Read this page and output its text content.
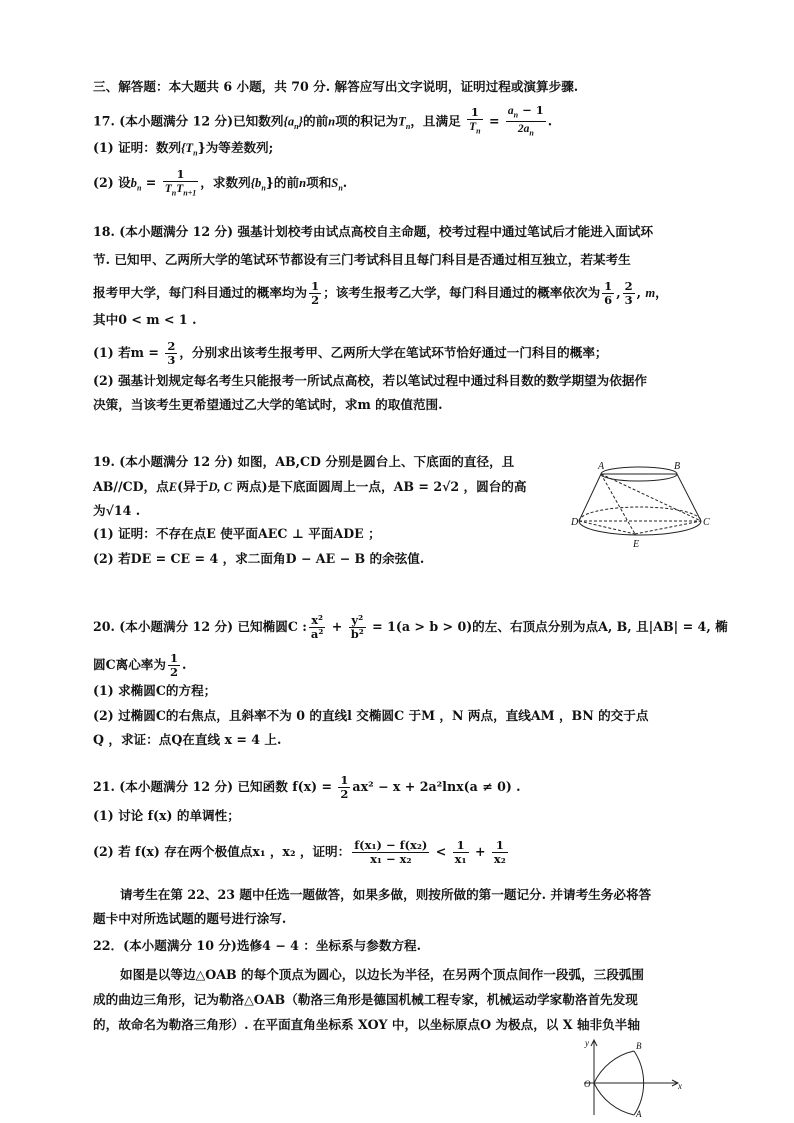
三、解答题：本大题共 6 小题，共 70 分. 解答应写出文字说明，证明过程或演算步骤.
17. (本小题满分 12 分)已知数列$\{a_n\}$的前n项的积记为$T_n$，且满足 $\frac{1}{T_n} = \frac{a_n - 1}{2a_n}$ .
(1) 证明：数列$\{T_n\}$为等差数列;
(2) 设$b_n = \frac{1}{T_nT_{n+1}}$ ，求数列$\{b_n\}$的前n项和$S_n$.
18. (本小题满分 12 分) 强基计划校考由试点高校自主命题，校考过程中通过笔试后才能进入面试环
节. 已知甲、乙两所大学的笔试环节都设有三门考试科目且每门科目是否通过相互独立，若某考生
报考甲大学，每门科目通过的概率均为 $\frac{1}{2}$ ；该考生报考乙大学，每门科目通过的概率依次为 $\frac{1}{6}$ , $\frac{2}{3}$ , m，
其中0 < m < 1 .
(1) 若$m = \frac{2}{3}$ ，分别求出该考生报考甲、乙两所大学在笔试环节恰好通过一门科目的概率；
(2) 强基计划规定每名考生只能报考一所试点高校，若以笔试过程中通过科目数的数学期望为依据作
决策，当该考生更希望通过乙大学的笔试时，求m 的取值范围.
19. (本小题满分 12 分) 如图，AB,CD 分别是圆台上、下底面的直径，且
AB//CD，点E(异于D, C 两点)是下底面圆周上一点，AB = 2√2 ，圆台的高
为√14 .
(1) 证明：不存在点E 使平面AEC ⊥ 平面ADE ；
(2) 若DE = CE = 4 ，求二面角D − AE − B 的余弦值.
A	B
D	C
E
20. (本小题满分 12 分) 已知椭圆C : $\frac{\text{x²}}{\text{a²}} + \frac{\text{y²}}{\text{b²}} = 1(a > b > 0)$的左、右顶点分别为点A, B, 且|AB| = 4, 椭
圆C离心率为 $\frac{1}{2}$ .
(1) 求椭圆C的方程；
(2) 过椭圆C的右焦点，且斜率不为 0 的直线l 交椭圆C 于M ，N 两点，直线AM ，BN 的交于点
Q ，求证：点Q在直线 x = 4 上.
21. (本小题满分 12 分) 已知函数 $f(x) = \frac{1}{2} ax^2 - x + 2a^2\ln x(a \ne 0)$ .
(1) 讨论 f(x) 的单调性；
(2) 若 f(x) 存在两个极值点x₁ ，x₂ ，证明： $\frac{\text{f(x₁) − f(x₂)}}{\text{x₁ − x₂}} < \frac{1}{\text{x₁}} + \frac{1}{\text{x₂}}$
请考生在第 22、23 题中任选一题做答，如果多做，则按所做的第一题记分. 并请考生务必将答
题卡中对所选试题的题号进行涂写.
22．(本小题满分 10 分)选修4 − 4 ：坐标系与参数方程.
如图是以等边△OAB 的每个顶点为圆心，以边长为半径，在另两个顶点间作一段弧，三段弧围
成的曲边三角形，记为勒洛△OAB（勒洛三角形是德国机械工程专家，机械运动学家勒洛首先发现
的，故命名为勒洛三角形）. 在平面直角坐标系 XOY 中，以坐标原点O 为极点，以 X 轴非负半轴
y	B
O	x
A
